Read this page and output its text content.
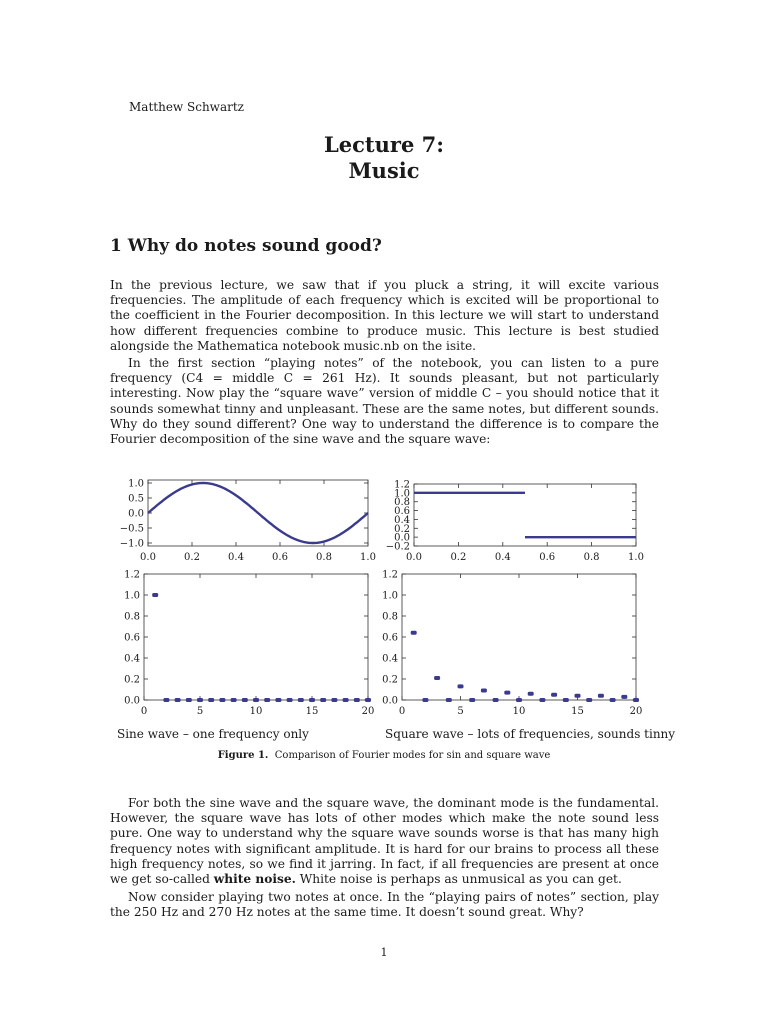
Matthew Schwartz
Lecture 7:
Music
1 Why do notes sound good?

In the previous lecture, we saw that if you pluck a string, it will excite various frequencies. The amplitude of each frequency which is excited will be proportional to the coefficient in the Fourier decomposition. In this lecture we will start to understand how different frequencies combine to produce music. This lecture is best studied alongside the Mathematica notebook music.nb on the isite.

In the first section “playing notes” of the notebook, you can listen to a pure frequency (C4 = middle C = 261 Hz). It sounds pleasant, but not particularly interesting. Now play the “square wave” version of middle C – you should notice that it sounds somewhat tinny and unpleasant. These are the same notes, but different sounds. Why do they sound different? One way to understand the difference is to compare the Fourier decomposition of the sine wave and the square wave:

0.0	0.2	0.4	0.6	0.8	1.0
1.0
0.5
0.0
−0.5
−1.0
0.0	0.2	0.4	0.6	0.8	1.0
1.2
1.0
0.8
0.6
0.4
0.2
0.0
−0.2
0	5	10	15	20
1.2
1.0
0.8
0.6
0.4
0.2
0.0
0	5	10	15	20
1.2
1.0
0.8
0.6
0.4
0.2
0.0
Sine wave – one frequency only	Square wave – lots of frequencies, sounds tinny
Figure 1. Comparison of Fourier modes for sin and square wave

For both the sine wave and the square wave, the dominant mode is the fundamental. However, the square wave has lots of other modes which make the note sound less pure. One way to understand why the square wave sounds worse is that has many high frequency notes with significant amplitude. It is hard for our brains to process all these high frequency notes, so we find it jarring. In fact, if all frequencies are present at once we get so-called white noise. White noise is perhaps as unmusical as you can get.

Now consider playing two notes at once. In the “playing pairs of notes” section, play the 250 Hz and 270 Hz notes at the same time. It doesn’t sound great. Why?

1
